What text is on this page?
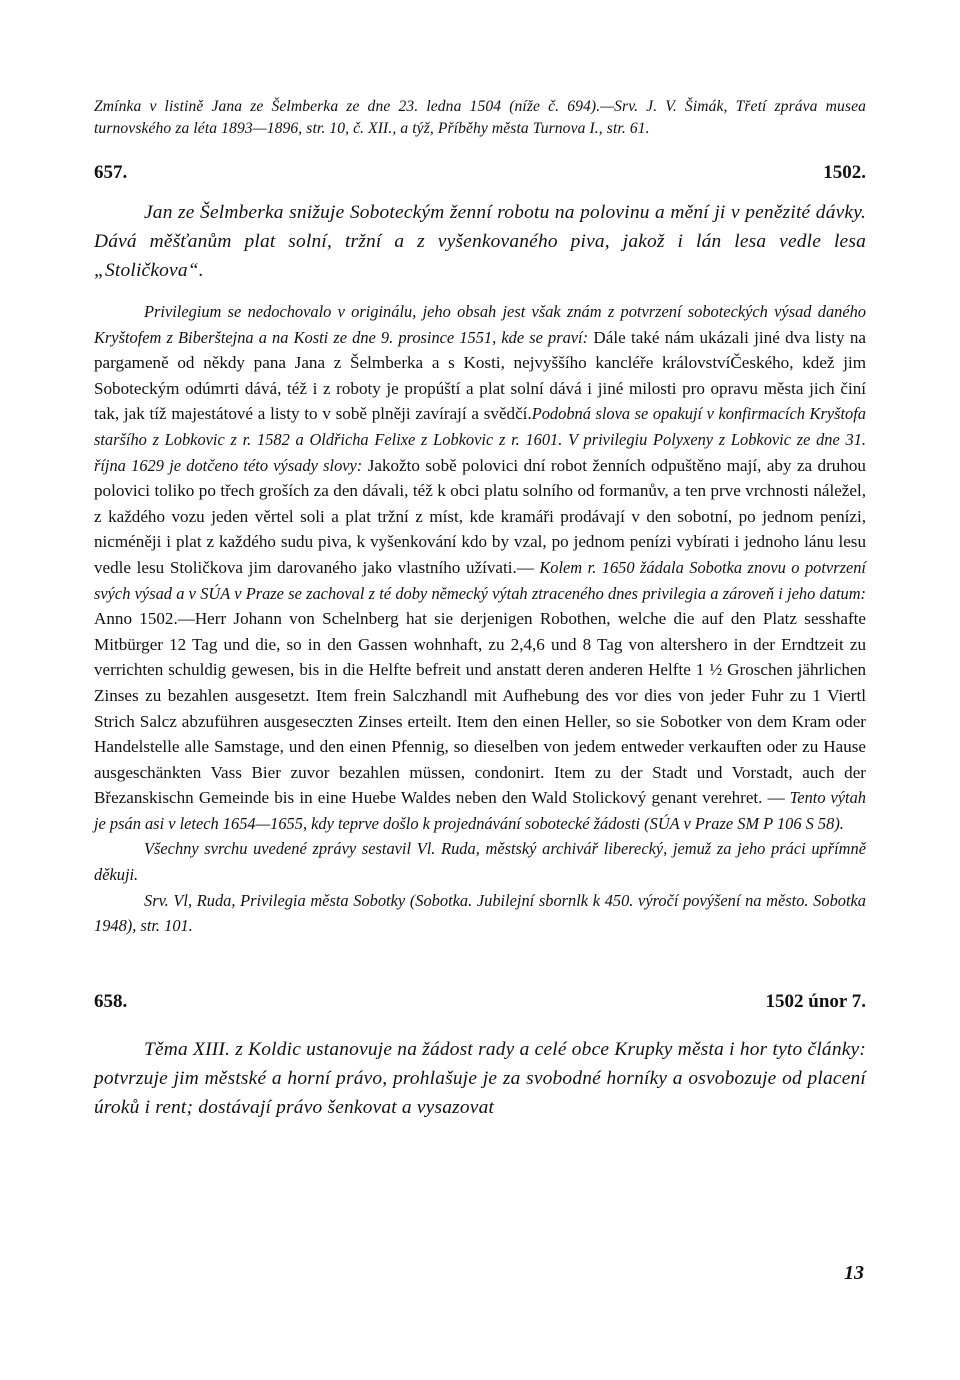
Zmínka v listině Jana ze Šelmberka ze dne 23. ledna 1504 (níže č. 694).—Srv. J. V. Šimák, Třetí zpráva musea turnovského za léta 1893—1896, str. 10, č. XII., a týž, Příběhy města Turnova I., str. 61.

657.	1502.
Jan ze Šelmberka snižuje Soboteckým ženní robotu na polovinu a mění ji v penězité dávky. Dává měšťanům plat solní, tržní a z vyšenkovaného piva, jakož i lán lesa vedle lesa „Stoličkova“.

Privilegium se nedochovalo v originálu, jeho obsah jest však znám z potvrzení soboteckých výsad daného Kryštofem z Biberštejna a na Kosti ze dne 9. prosince 1551, kde se praví: Dále také nám ukázali jiné dva listy na pargameně od někdy pana Jana z Šelmberka a s Kosti, nejvyššího kancléře královstvíČeského, kdež jim Soboteckým odúmrti dává, též i z roboty je propúští a plat solní dává i jiné milosti pro opravu města jich činí tak, jak tíž majestátové a listy to v sobě plněji zavírají a svědčí.Podobná slova se opakují v konfirmacích Kryštofa staršího z Lobkovic z r. 1582 a Oldřicha Felixe z Lobkovic z r. 1601. V privilegiu Polyxeny z Lobkovic ze dne 31. října 1629 je dotčeno této výsady slovy: Jakožto sobě polovici dní robot ženních odpuštěno mají, aby za druhou polovici toliko po třech groších za den dávali, též k obci platu solního od formanův, a ten prve vrchnosti náležel, z každého vozu jeden věrtel soli a plat tržní z míst, kde kramáři prodávají v den sobotní, po jednom penízi, nicméněji i plat z každého sudu piva, k vyšenkování kdo by vzal, po jednom penízi vybírati i jednoho lánu lesu vedle lesu Stoličkova jim darovaného jako vlastního užívati.— Kolem r. 1650 žádala Sobotka znovu o potvrzení svých výsad a v SÚA v Praze se zachoval z té doby německý výtah ztraceného dnes privilegia a zároveň i jeho datum: Anno 1502.—Herr Johann von Schelnberg hat sie derjenigen Robothen, welche die auf den Platz sesshafte Mitbürger 12 Tag und die, so in den Gassen wohnhaft, zu 2,4,6 und 8 Tag von altershero in der Erndtzeit zu verrichten schuldig gewesen, bis in die Helfte befreit und anstatt deren anderen Helfte 1 ½ Groschen jährlichen Zinses zu bezahlen ausgesetzt. Item frein Salczhandl mit Aufhebung des vor dies von jeder Fuhr zu 1 Viertl Strich Salcz abzuführen ausgeseczten Zinses erteilt. Item den einen Heller, so sie Sobotker von dem Kram oder Handelstelle alle Samstage, und den einen Pfennig, so dieselben von jedem entweder verkauften oder zu Hause ausgeschänkten Vass Bier zuvor bezahlen müssen, condonirt. Item zu der Stadt und Vorstadt, auch der Březanskischn Gemeinde bis in eine Huebe Waldes neben den Wald Stolickový genant verehret. — Tento výtah je psán asi v letech 1654—1655, kdy teprve došlo k projednávání sobotecké žádosti (SÚA v Praze SM P 106 S 58).

Všechny svrchu uvedené zprávy sestavil Vl. Ruda, městský archivář liberecký, jemuž za jeho práci upřímně děkuji.

Srv. Vl, Ruda, Privilegia města Sobotky (Sobotka. Jubilejní sbornlk k 450. výročí povýšení na město. Sobotka 1948), str. 101.

658.	1502 únor 7.
Těma XIII. z Koldic ustanovuje na žádost rady a celé obce Krupky města i hor tyto články: potvrzuje jim městské a horní právo, prohlašuje je za svobodné horníky a osvobozuje od placení úroků i rent; dostávají právo šenkovat a vysazovat
13
